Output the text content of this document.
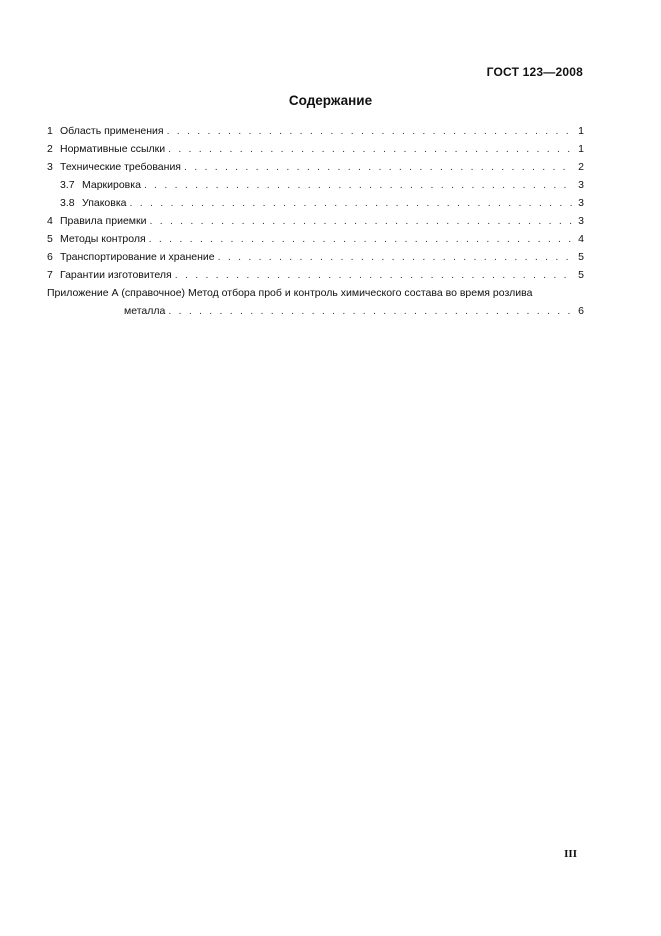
ГОСТ 123—2008

Содержание
1 Область применения . . .	1
2 Нормативные ссылки . . .	1
3 Технические требования . . .	2
3.7 Маркировка . . .	3
3.8 Упаковка . . .	3
4 Правила приемки . . .	3
5 Методы контроля . . .	4
6 Транспортирование и хранение . . .	5
7 Гарантии изготовителя . . .	5
Приложение А (справочное) Метод отбора проб и контроль химического состава во время розлива
металла . . .	6

III
